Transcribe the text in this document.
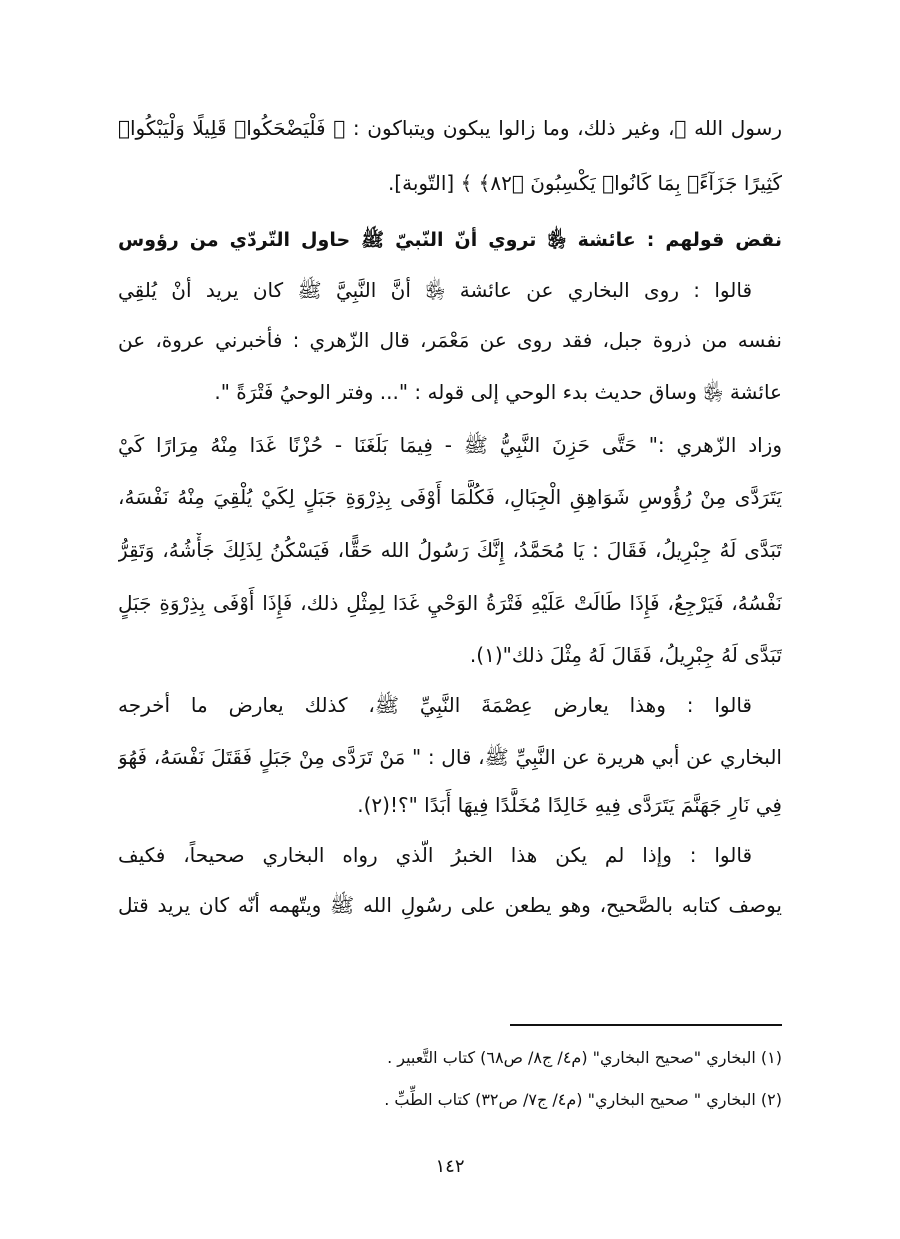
رسول الله ﷺ، وغير ذلك، وما زالوا يبكون ويتباكون : ﴿ فَلْيَضْحَكُوا۟ قَلِيلًا وَلْيَبْكُوا۟
كَثِيرًا جَزَآءًۢ بِمَا كَانُوا۟ يَكْسِبُونَ ﴿٨٢﴾ ﴾ [التّوبة].
نقض قولهم : عائشة ﵂ تروي أنّ النّبيّ ﷺ حاول التّردّي من رؤوس
قالوا : روى البخاري عن عائشة ﵂ أنَّ النَّبِيَّ ﷺ كان يريد أنْ يُلقِي
نفسه من ذروة جبل، فقد روى عن مَعْمَر، قال الزّهري : فأخبرني عروة، عن
عائشة ﵂ وساق حديث بدء الوحي إلى قوله : "... وفتر الوحيُ فَتْرَةً ".
وزاد الزّهري :" حَتَّى حَزِنَ النَّبِيُّ ﷺ - فِيمَا بَلَغَنَا - حُزْنًا غَدَا مِنْهُ مِرَارًا كَيْ
يَتَرَدَّى مِنْ رُؤُوسِ شَوَاهِقِ الْجِبَالِ، فَكُلَّمَا أَوْفَى بِذِرْوَةِ جَبَلٍ لِكَيْ يُلْقِيَ مِنْهُ نَفْسَهُ،
تَبَدَّى لَهُ جِبْرِيلُ، فَقَالَ : يَا مُحَمَّدُ، إِنَّكَ رَسُولُ الله حَقًّا، فَيَسْكُنُ لِذَلِكَ جَأْشُهُ، وَتَقِرُّ
نَفْسُهُ، فَيَرْجِعُ، فَإِذَا طَالَتْ عَلَيْهِ فَتْرَةُ الوَحْيِ غَدَا لِمِثْلِ ذلك، فَإِذَا أَوْفَى بِذِرْوَةِ جَبَلٍ
تَبَدَّى لَهُ جِبْرِيلُ، فَقَالَ لَهُ مِثْلَ ذلك"(١).
قالوا : وهذا يعارض عِصْمَةَ النَّبِيِّ ﷺ، كذلك يعارض ما أخرجه
البخاري عن أبي هريرة عن النَّبِيِّ ﷺ، قال : " مَنْ تَرَدَّى مِنْ جَبَلٍ فَقَتَلَ نَفْسَهُ، فَهُوَ
فِي نَارِ جَهَنَّمَ يَتَرَدَّى فِيهِ خَالِدًا مُخَلَّدًا فِيهَا أَبَدًا "؟!(٢).
قالوا : وإذا لم يكن هذا الخبرُ الّذي رواه البخاري صحيحاً، فكيف
يوصف كتابه بالصَّحيح، وهو يطعن على رسُولِ الله ﷺ ويتّهمه أنّه كان يريد قتل
(١) البخاري "صحيح البخاري" (م٤/ ج٨/ ص٦٨) كتاب التَّعبير .
(٢) البخاري " صحيح البخاري" (م٤/ ج٧/ ص٣٢) كتاب الطِّبِّ .
١٤٢
